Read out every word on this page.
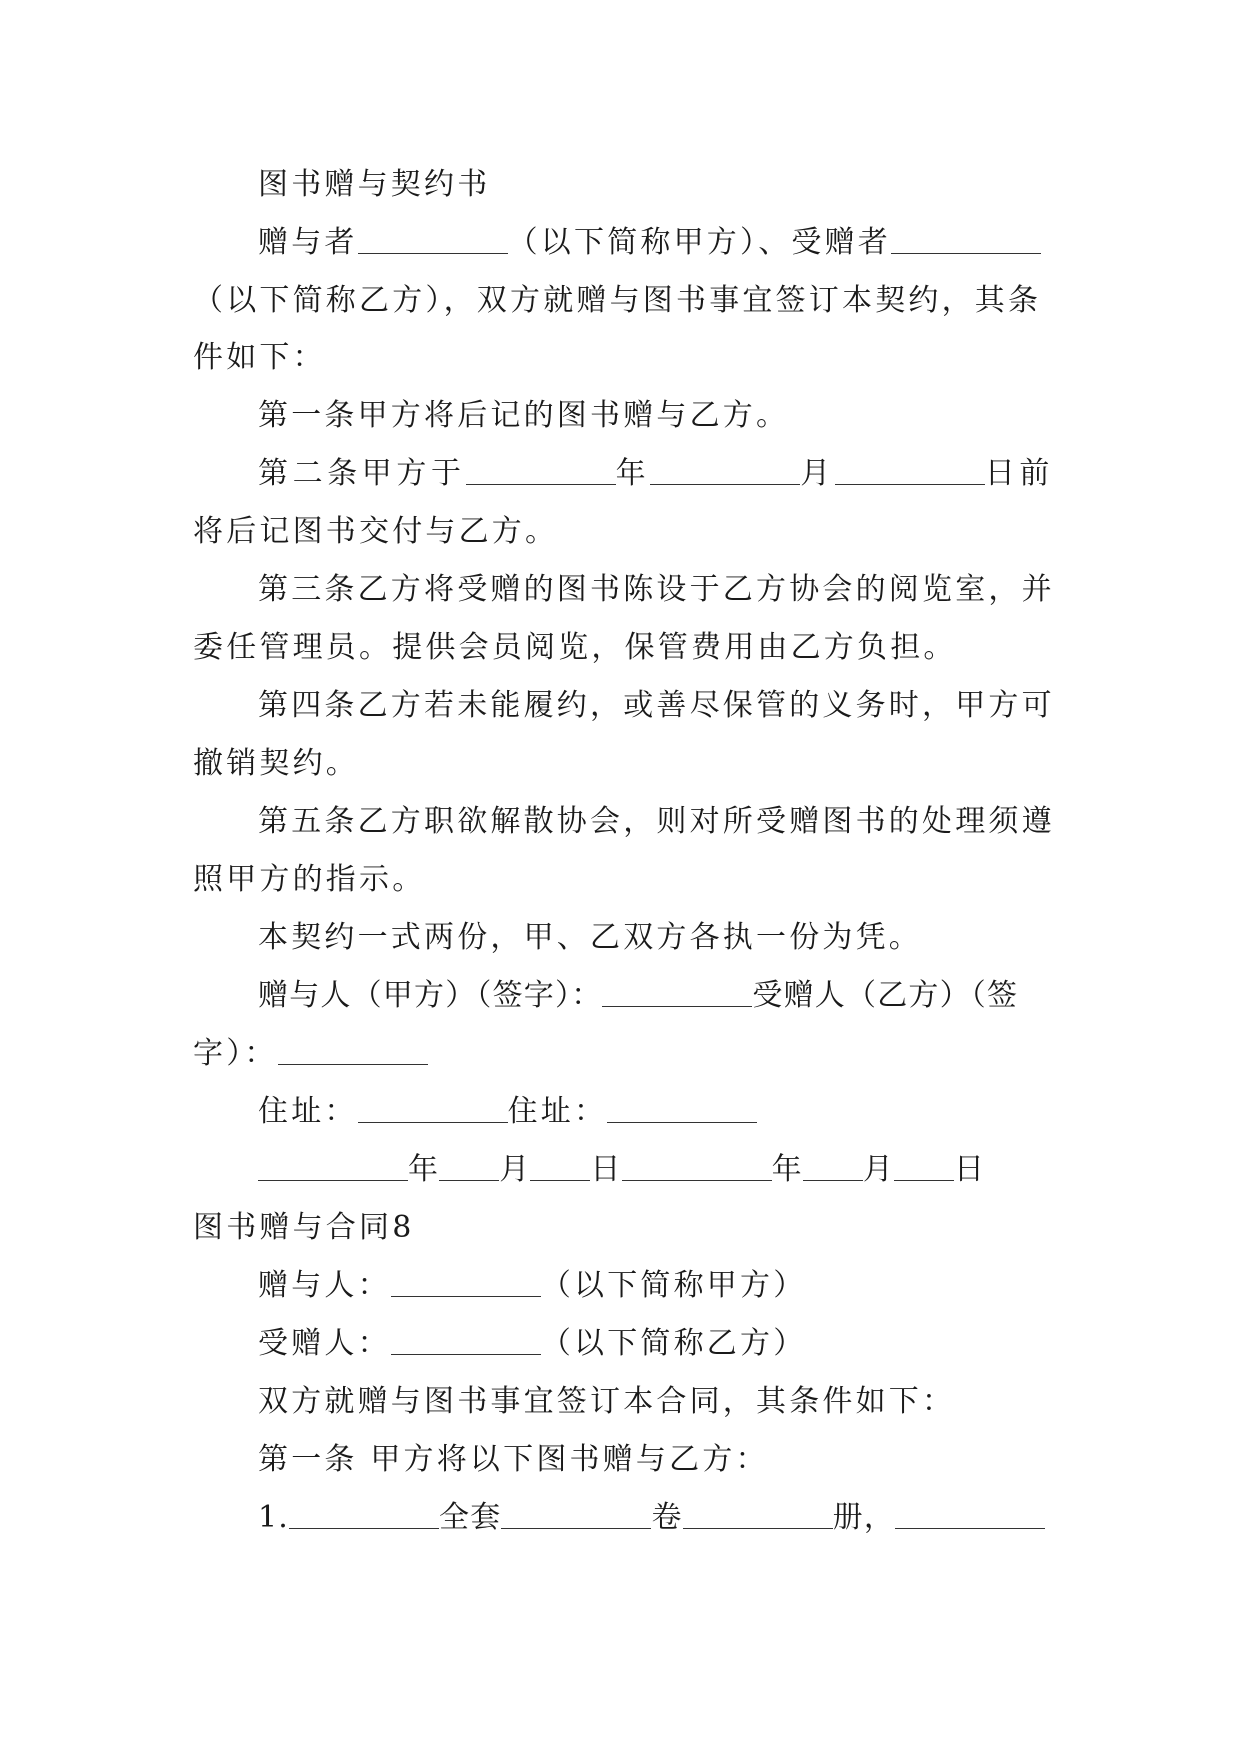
图书赠与契约书
赠与者	（以下简称甲方）、受赠者
（以下简称乙方），双方就赠与图书事宜签订本契约，其条
件如下：
第一条甲方将后记的图书赠与乙方。
第二条甲方于	年	月	日前
将后记图书交付与乙方。
第三条乙方将受赠的图书陈设于乙方协会的阅览室，并
委任管理员。提供会员阅览，保管费用由乙方负担。
第四条乙方若未能履约，或善尽保管的义务时，甲方可
撤销契约。
第五条乙方职欲解散协会，则对所受赠图书的处理须遵
照甲方的指示。
本契约一式两份，甲、乙双方各执一份为凭。
赠与人（甲方）（签字）：	受赠人（乙方）（签
字）：
住址：	住址：
年 月 日	年 月 日
图书赠与合同8
赠与人：	（以下简称甲方）
受赠人：	（以下简称乙方）
双方就赠与图书事宜签订本合同，其条件如下：
第一条 甲方将以下图书赠与乙方：
1.	全套	卷	册，
